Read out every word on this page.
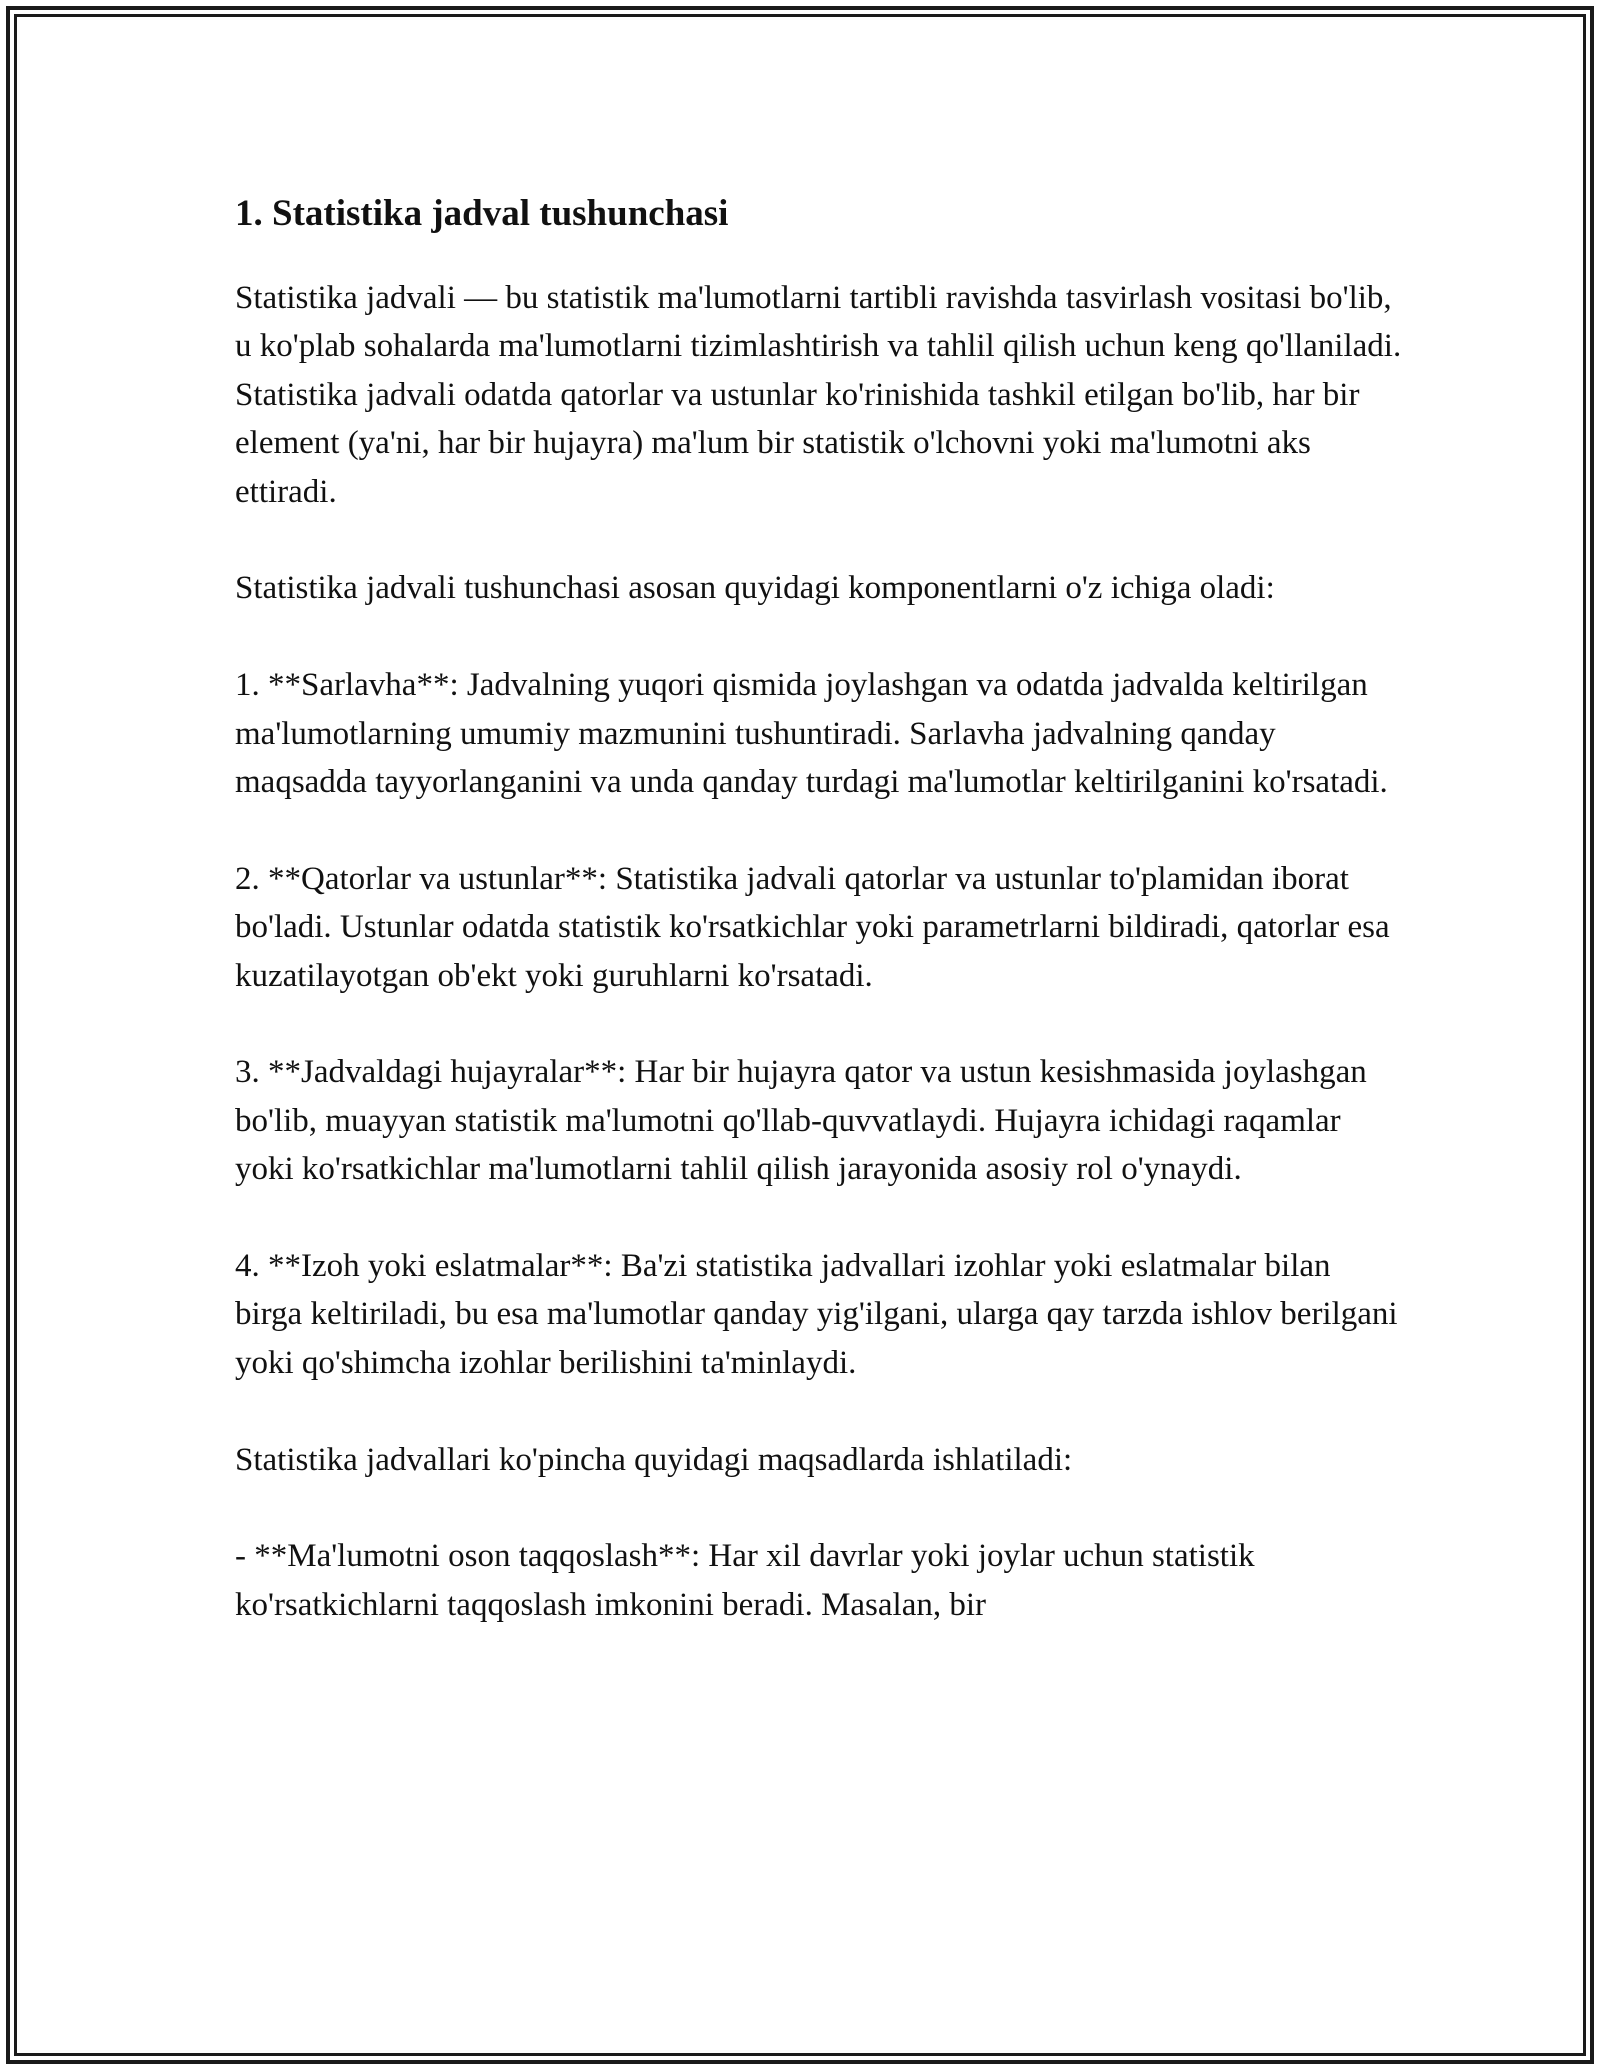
1. Statistika jadval tushunchasi

Statistika jadvali — bu statistik ma'lumotlarni tartibli ravishda tasvirlash vositasi bo'lib, u ko'plab sohalarda ma'lumotlarni tizimlashtirish va tahlil qilish uchun keng qo'llaniladi. Statistika jadvali odatda qatorlar va ustunlar ko'rinishida tashkil etilgan bo'lib, har bir element (ya'ni, har bir hujayra) ma'lum bir statistik o'lchovni yoki ma'lumotni aks ettiradi.

Statistika jadvali tushunchasi asosan quyidagi komponentlarni o'z ichiga oladi:

1. **Sarlavha**: Jadvalning yuqori qismida joylashgan va odatda jadvalda keltirilgan ma'lumotlarning umumiy mazmunini tushuntiradi. Sarlavha jadvalning qanday maqsadda tayyorlanganini va unda qanday turdagi ma'lumotlar keltirilganini ko'rsatadi.

2. **Qatorlar va ustunlar**: Statistika jadvali qatorlar va ustunlar to'plamidan iborat bo'ladi. Ustunlar odatda statistik ko'rsatkichlar yoki parametrlarni bildiradi, qatorlar esa kuzatilayotgan ob'ekt yoki guruhlarni ko'rsatadi.

3. **Jadvaldagi hujayralar**: Har bir hujayra qator va ustun kesishmasida joylashgan bo'lib, muayyan statistik ma'lumotni qo'llab-quvvatlaydi. Hujayra ichidagi raqamlar yoki ko'rsatkichlar ma'lumotlarni tahlil qilish jarayonida asosiy rol o'ynaydi.

4. **Izoh yoki eslatmalar**: Ba'zi statistika jadvallari izohlar yoki eslatmalar bilan birga keltiriladi, bu esa ma'lumotlar qanday yig'ilgani, ularga qay tarzda ishlov berilgani yoki qo'shimcha izohlar berilishini ta'minlaydi.

Statistika jadvallari ko'pincha quyidagi maqsadlarda ishlatiladi:

- **Ma'lumotni oson taqqoslash**: Har xil davrlar yoki joylar uchun statistik ko'rsatkichlarni taqqoslash imkonini beradi. Masalan, bir
